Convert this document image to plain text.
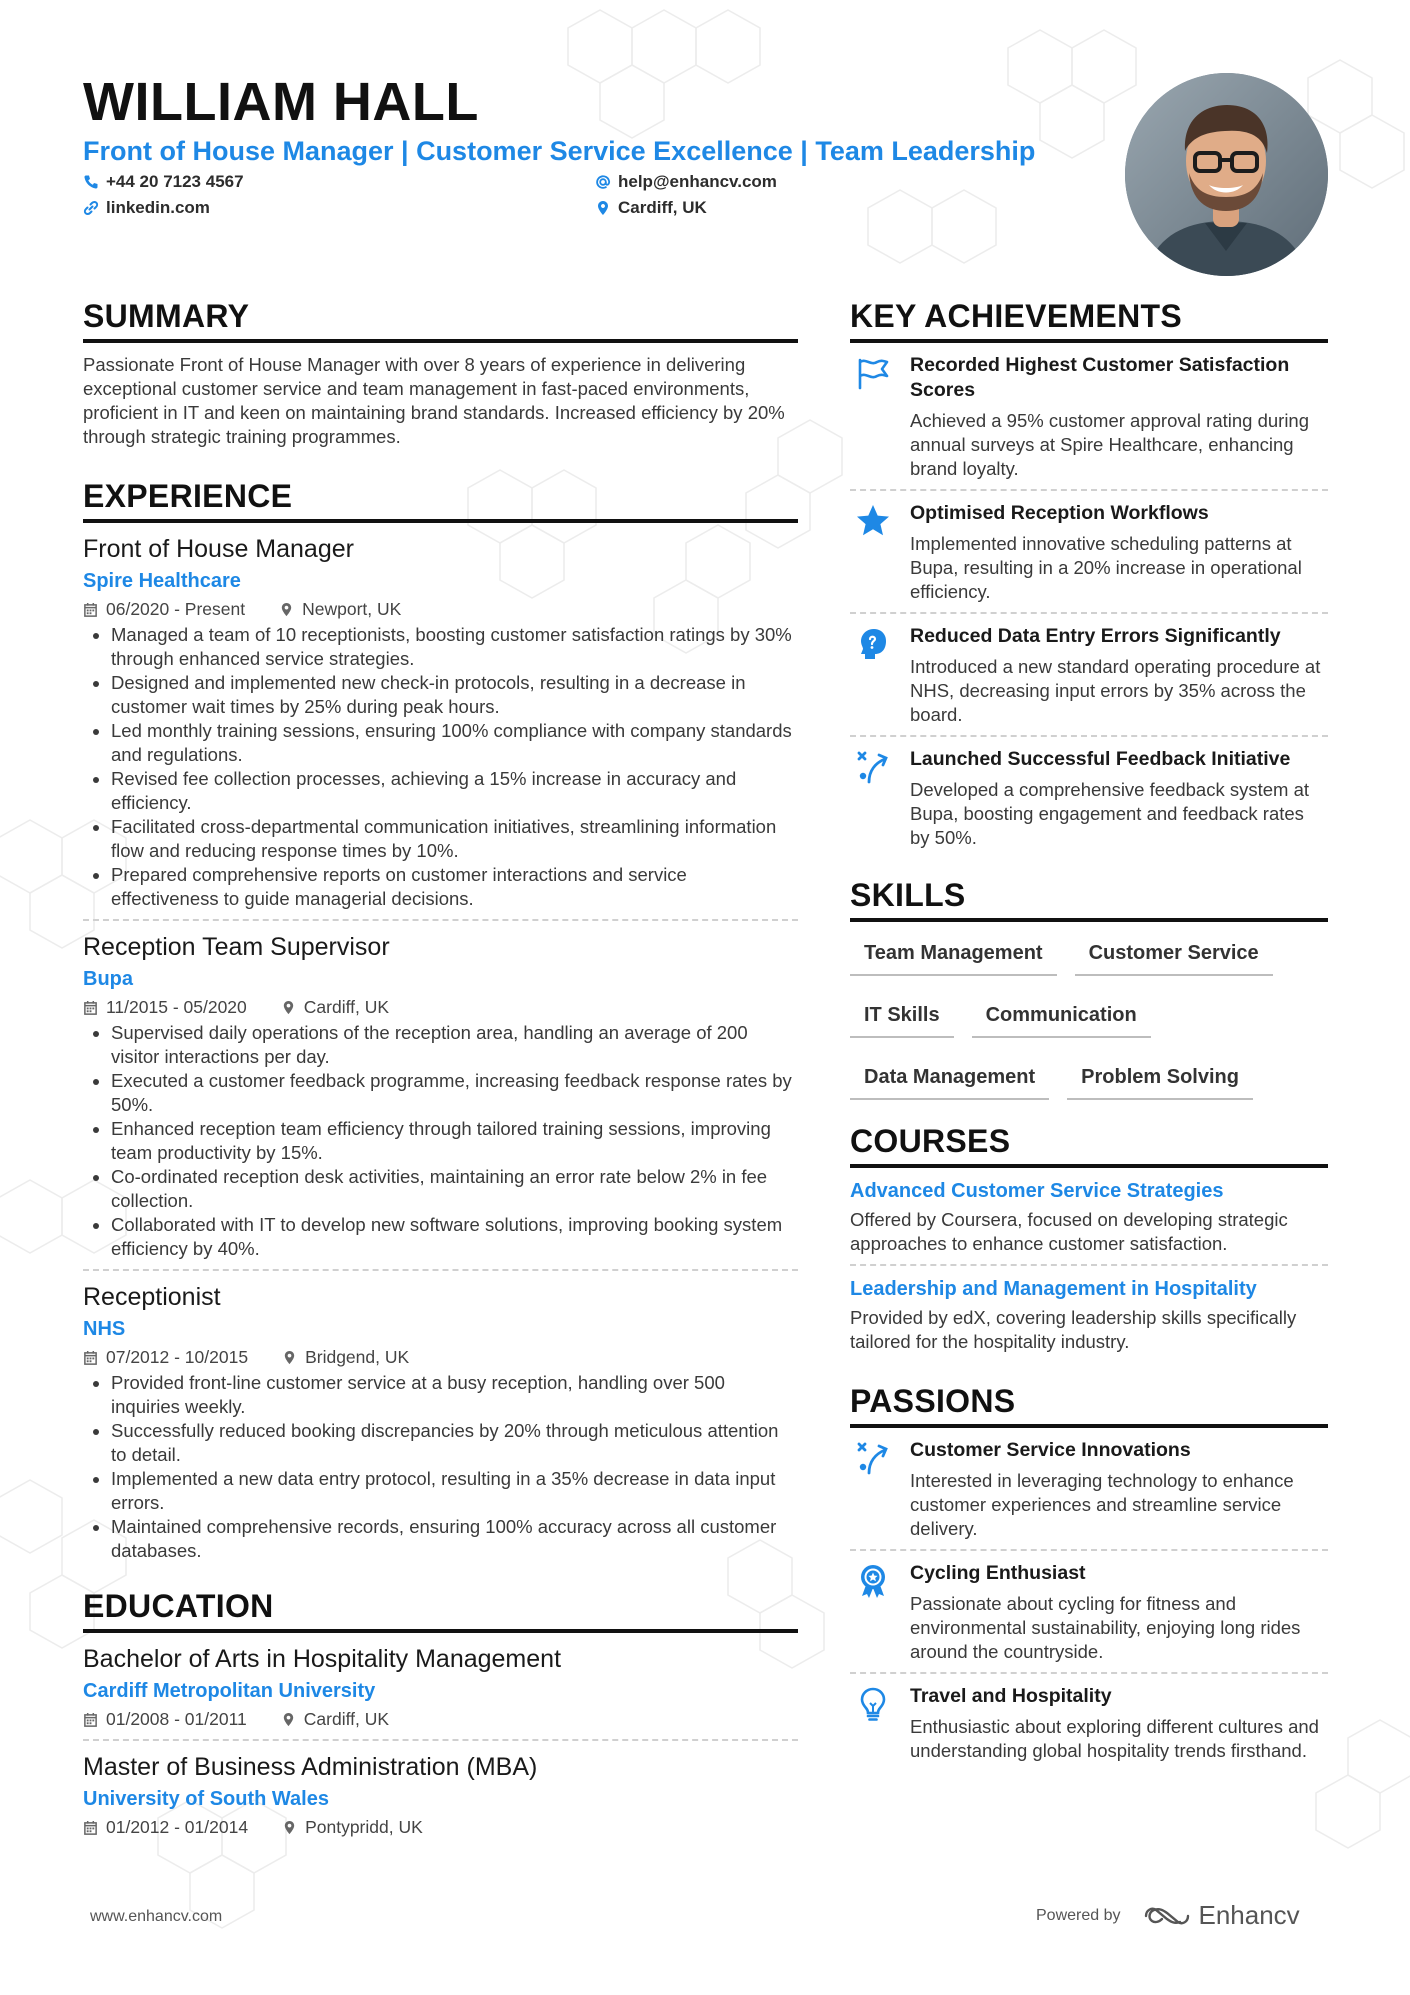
WILLIAM HALL
Front of House Manager | Customer Service Excellence | Team Leadership
+44 20 7123 4567
linkedin.com
help@enhancv.com
Cardiff, UK
SUMMARY

Passionate Front of House Manager with over 8 years of experience in delivering exceptional customer service and team management in fast-paced environments, proficient in IT and keen on maintaining brand standards. Increased efficiency by 20% through strategic training programmes.

EXPERIENCE
Front of House Manager
Spire Healthcare
06/2020 - Present	Newport, UK
• Managed a team of 10 receptionists, boosting customer satisfaction ratings by 30% through enhanced service strategies.
• Designed and implemented new check-in protocols, resulting in a decrease in customer wait times by 25% during peak hours.
• Led monthly training sessions, ensuring 100% compliance with company standards and regulations.
• Revised fee collection processes, achieving a 15% increase in accuracy and efficiency.
• Facilitated cross-departmental communication initiatives, streamlining information flow and reducing response times by 10%.
• Prepared comprehensive reports on customer interactions and service effectiveness to guide managerial decisions.
Reception Team Supervisor
Bupa
11/2015 - 05/2020	Cardiff, UK
• Supervised daily operations of the reception area, handling an average of 200 visitor interactions per day.
• Executed a customer feedback programme, increasing feedback response rates by 50%.
• Enhanced reception team efficiency through tailored training sessions, improving team productivity by 15%.
• Co-ordinated reception desk activities, maintaining an error rate below 2% in fee collection.
• Collaborated with IT to develop new software solutions, improving booking system efficiency by 40%.
Receptionist
NHS
07/2012 - 10/2015	Bridgend, UK
• Provided front-line customer service at a busy reception, handling over 500 inquiries weekly.
• Successfully reduced booking discrepancies by 20% through meticulous attention to detail.
• Implemented a new data entry protocol, resulting in a 35% decrease in data input errors.
• Maintained comprehensive records, ensuring 100% accuracy across all customer databases.
EDUCATION
Bachelor of Arts in Hospitality Management
Cardiff Metropolitan University
01/2008 - 01/2011	Cardiff, UK
Master of Business Administration (MBA)
University of South Wales
01/2012 - 01/2014	Pontypridd, UK
KEY ACHIEVEMENTS
Recorded Highest Customer Satisfaction Scores
Achieved a 95% customer approval rating during annual surveys at Spire Healthcare, enhancing brand loyalty.
Optimised Reception Workflows
Implemented innovative scheduling patterns at Bupa, resulting in a 20% increase in operational efficiency.
Reduced Data Entry Errors Significantly
Introduced a new standard operating procedure at NHS, decreasing input errors by 35% across the board.
Launched Successful Feedback Initiative
Developed a comprehensive feedback system at Bupa, boosting engagement and feedback rates by 50%.
SKILLS
Team Management	Customer Service
IT Skills	Communication
Data Management	Problem Solving
COURSES
Advanced Customer Service Strategies
Offered by Coursera, focused on developing strategic approaches to enhance customer satisfaction.
Leadership and Management in Hospitality
Provided by edX, covering leadership skills specifically tailored for the hospitality industry.
PASSIONS
Customer Service Innovations
Interested in leveraging technology to enhance customer experiences and streamline service delivery.
Cycling Enthusiast
Passionate about cycling for fitness and environmental sustainability, enjoying long rides around the countryside.
Travel and Hospitality
Enthusiastic about exploring different cultures and understanding global hospitality trends firsthand.
www.enhancv.com	Powered by	Enhancv
